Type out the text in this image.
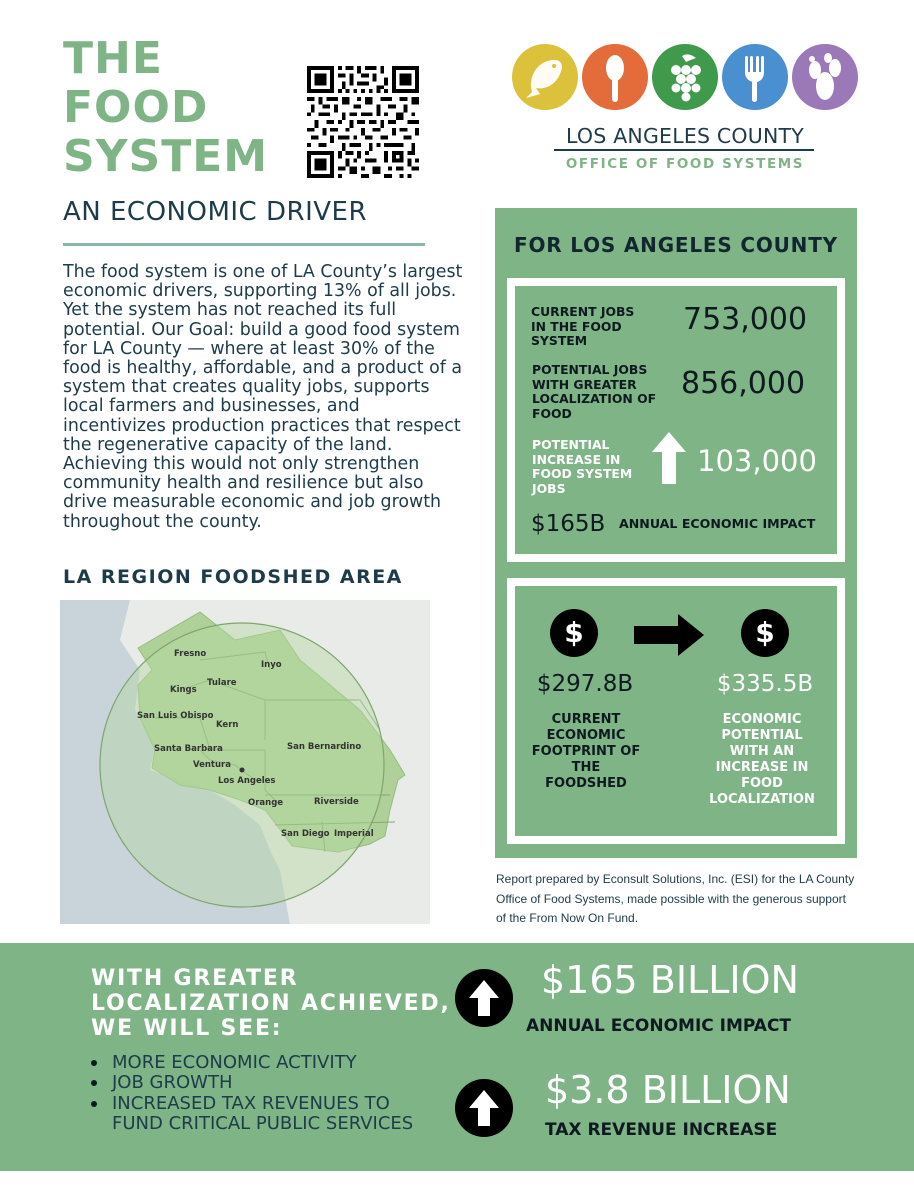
THE
FOOD
SYSTEM
AN ECONOMIC DRIVER
LOS ANGELES COUNTY
OFFICE OF FOOD SYSTEMS
The food system is one of LA County’s largest economic drivers, supporting 13% of all jobs. Yet the system has not reached its full potential. Our Goal: build a good food system for LA County — where at least 30% of the food is healthy, affordable, and a product of a system that creates quality jobs, supports local farmers and businesses, and incentivizes production practices that respect the regenerative capacity of the land. Achieving this would not only strengthen community health and resilience but also drive measurable economic and job growth throughout the county.
LA REGION FOODSHED AREA
Fresno
Inyo
Kings
Tulare
San Luis Obispo
Kern
Santa Barbara
Ventura
San Bernardino
Los Angeles
Orange	Riverside
San Diego Imperial
FOR LOS ANGELES COUNTY
CURRENT JOBS IN THE FOOD SYSTEM
753,000
POTENTIAL JOBS WITH GREATER LOCALIZATION OF FOOD
856,000
POTENTIAL INCREASE IN FOOD SYSTEM JOBS
103,000
$165B ANNUAL ECONOMIC IMPACT
$	$
$297.8B	$335.5B
CURRENT ECONOMIC FOOTPRINT OF THE FOODSHED
ECONOMIC POTENTIAL WITH AN INCREASE IN FOOD LOCALIZATION
Report prepared by Econsult Solutions, Inc. (ESI) for the LA County Office of Food Systems, made possible with the generous support of the From Now On Fund.
WITH GREATER LOCALIZATION ACHIEVED, WE WILL SEE:
MORE ECONOMIC ACTIVITY
JOB GROWTH
INCREASED TAX REVENUES TO FUND CRITICAL PUBLIC SERVICES
$165 BILLION
ANNUAL ECONOMIC IMPACT
$3.8 BILLION
TAX REVENUE INCREASE
